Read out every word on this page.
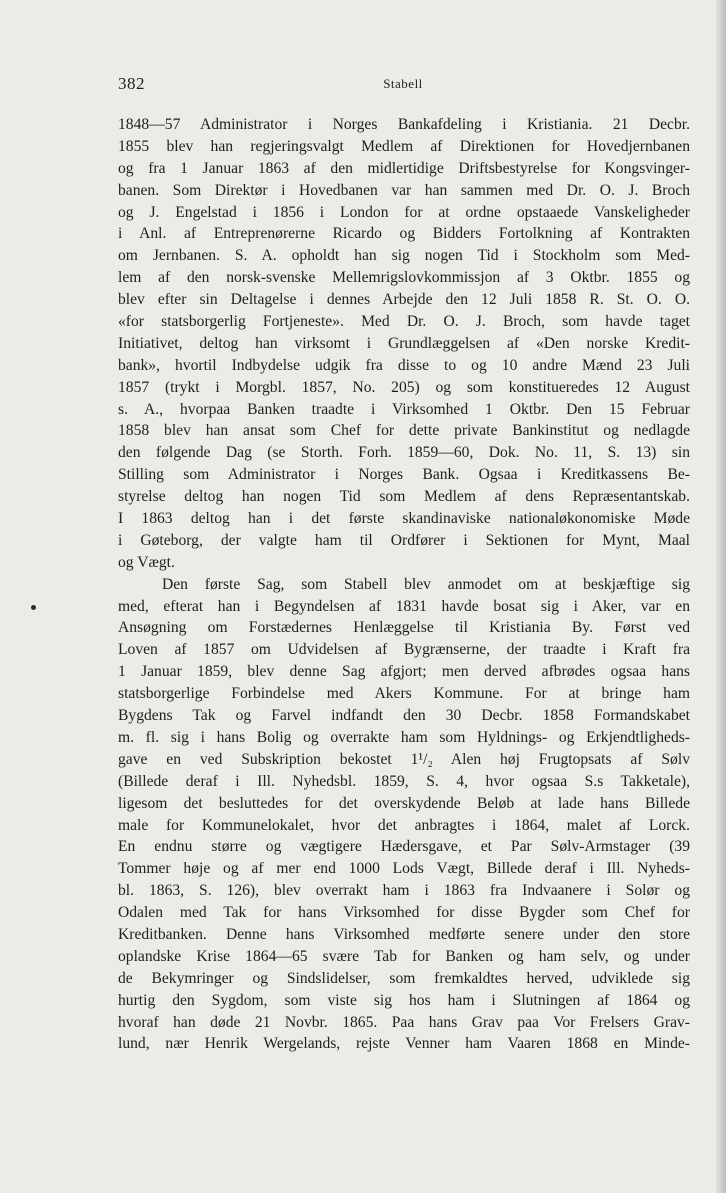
382	Stabell
1848—57 Administrator i Norges Bankafdeling i Kristiania. 21 Decbr.
1855 blev han regjeringsvalgt Medlem af Direktionen for Hovedjernbanen
og fra 1 Januar 1863 af den midlertidige Driftsbestyrelse for Kongsvinger-
banen. Som Direktør i Hovedbanen var han sammen med Dr. O. J. Broch
og J. Engelstad i 1856 i London for at ordne opstaaede Vanskeligheder
i Anl. af Entreprenørerne Ricardo og Bidders Fortolkning af Kontrakten
om Jernbanen. S. A. opholdt han sig nogen Tid i Stockholm som Med-
lem af den norsk-svenske Mellemrigslovkommissjon af 3 Oktbr. 1855 og
blev efter sin Deltagelse i dennes Arbejde den 12 Juli 1858 R. St. O. O.
«for statsborgerlig Fortjeneste». Med Dr. O. J. Broch, som havde taget
Initiativet, deltog han virksomt i Grundlæggelsen af «Den norske Kredit-
bank», hvortil Indbydelse udgik fra disse to og 10 andre Mænd 23 Juli
1857 (trykt i Morgbl. 1857, No. 205) og som konstitueredes 12 August
s. A., hvorpaa Banken traadte i Virksomhed 1 Oktbr. Den 15 Februar
1858 blev han ansat som Chef for dette private Bankinstitut og nedlagde
den følgende Dag (se Storth. Forh. 1859—60, Dok. No. 11, S. 13) sin
Stilling som Administrator i Norges Bank. Ogsaa i Kreditkassens Be-
styrelse deltog han nogen Tid som Medlem af dens Repræsentantskab.
I 1863 deltog han i det første skandinaviske nationaløkonomiske Møde
i Gøteborg, der valgte ham til Ordfører i Sektionen for Mynt, Maal
og Vægt.
Den første Sag, som Stabell blev anmodet om at beskjæftige sig
med, efterat han i Begyndelsen af 1831 havde bosat sig i Aker, var en
Ansøgning om Forstædernes Henlæggelse til Kristiania By. Først ved
Loven af 1857 om Udvidelsen af Bygrænserne, der traadte i Kraft fra
1 Januar 1859, blev denne Sag afgjort; men derved afbrødes ogsaa hans
statsborgerlige Forbindelse med Akers Kommune. For at bringe ham
Bygdens Tak og Farvel indfandt den 30 Decbr. 1858 Formandskabet
m. fl. sig i hans Bolig og overrakte ham som Hyldnings- og Erkjendtligheds-
gave en ved Subskription bekostet 1¹/₂ Alen høj Frugtopsats af Sølv
(Billede deraf i Ill. Nyhedsbl. 1859, S. 4, hvor ogsaa S.s Takketale),
ligesom det besluttedes for det overskydende Beløb at lade hans Billede
male for Kommunelokalet, hvor det anbragtes i 1864, malet af Lorck.
En endnu større og vægtigere Hædersgave, et Par Sølv-Armstager (39
Tommer høje og af mer end 1000 Lods Vægt, Billede deraf i Ill. Nyheds-
bl. 1863, S. 126), blev overrakt ham i 1863 fra Indvaanere i Solør og
Odalen med Tak for hans Virksomhed for disse Bygder som Chef for
Kreditbanken. Denne hans Virksomhed medførte senere under den store
oplandske Krise 1864—65 svære Tab for Banken og ham selv, og under
de Bekymringer og Sindslidelser, som fremkaldtes herved, udviklede sig
hurtig den Sygdom, som viste sig hos ham i Slutningen af 1864 og
hvoraf han døde 21 Novbr. 1865. Paa hans Grav paa Vor Frelsers Grav-
lund, nær Henrik Wergelands, rejste Venner ham Vaaren 1868 en Minde-
